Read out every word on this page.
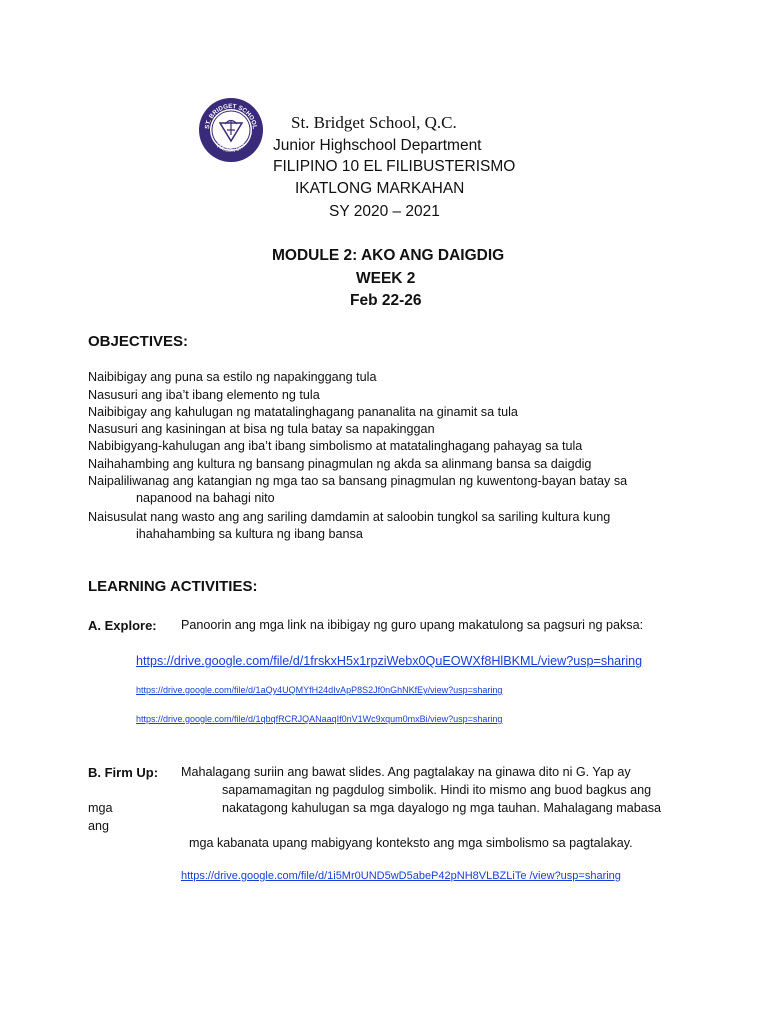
ST. BRIDGET SCHOOL
QUEZON CITY
St. Bridget School, Q.C.
Junior Highschool Department
FILIPINO 10 EL FILIBUSTERISMO
IKATLONG MARKAHAN
SY 2020 – 2021
MODULE 2: AKO ANG DAIGDIG
WEEK 2
Feb 22-26
OBJECTIVES:
Naibibigay ang puna sa estilo ng napakinggang tula
Nasusuri ang iba’t ibang elemento ng tula
Naibibigay ang kahulugan ng matatalinghagang pananalita na ginamit sa tula
Nasusuri ang kasiningan at bisa ng tula batay sa napakinggan
Nabibigyang-kahulugan ang iba’t ibang simbolismo at matatalinghagang pahayag sa tula
Naihahambing ang kultura ng bansang pinagmulan ng akda sa alinmang bansa sa daigdig
Naipaliliwanag ang katangian ng mga tao sa bansang pinagmulan ng kuwentong-bayan batay sa
napanood na bahagi nito
Naisusulat nang wasto ang ang sariling damdamin at saloobin tungkol sa sariling kultura kung
ihahahambing sa kultura ng ibang bansa
LEARNING ACTIVITIES:
A. Explore: Panoorin ang mga link na ibibigay ng guro upang makatulong sa pagsuri ng paksa:
https://drive.google.com/file/d/1frskxH5x1rpziWebx0QuEOWXf8HlBKML/view?usp=sharing
https://drive.google.com/file/d/1aQy4UQMYfH24dIvApP8S2Jf0nGhNKfEy/view?usp=sharing
https://drive.google.com/file/d/1qbqfRCRJQANaaqIf0nV1Wc9xqum0mxBi/view?usp=sharing
B. Firm Up: Mahalagang suriin ang bawat slides. Ang pagtalakay na ginawa dito ni G. Yap ay
sapamamagitan ng pagdulog simbolik. Hindi ito mismo ang buod bagkus ang
mga	nakatagong kahulugan sa mga dayalogo ng mga tauhan. Mahalagang mabasa
ang
mga kabanata upang mabigyang konteksto ang mga simbolismo sa pagtalakay.
https://drive.google.com/file/d/1i5Mr0UND5wD5abeP42pNH8VLBZLiTe /view?usp=sharing
